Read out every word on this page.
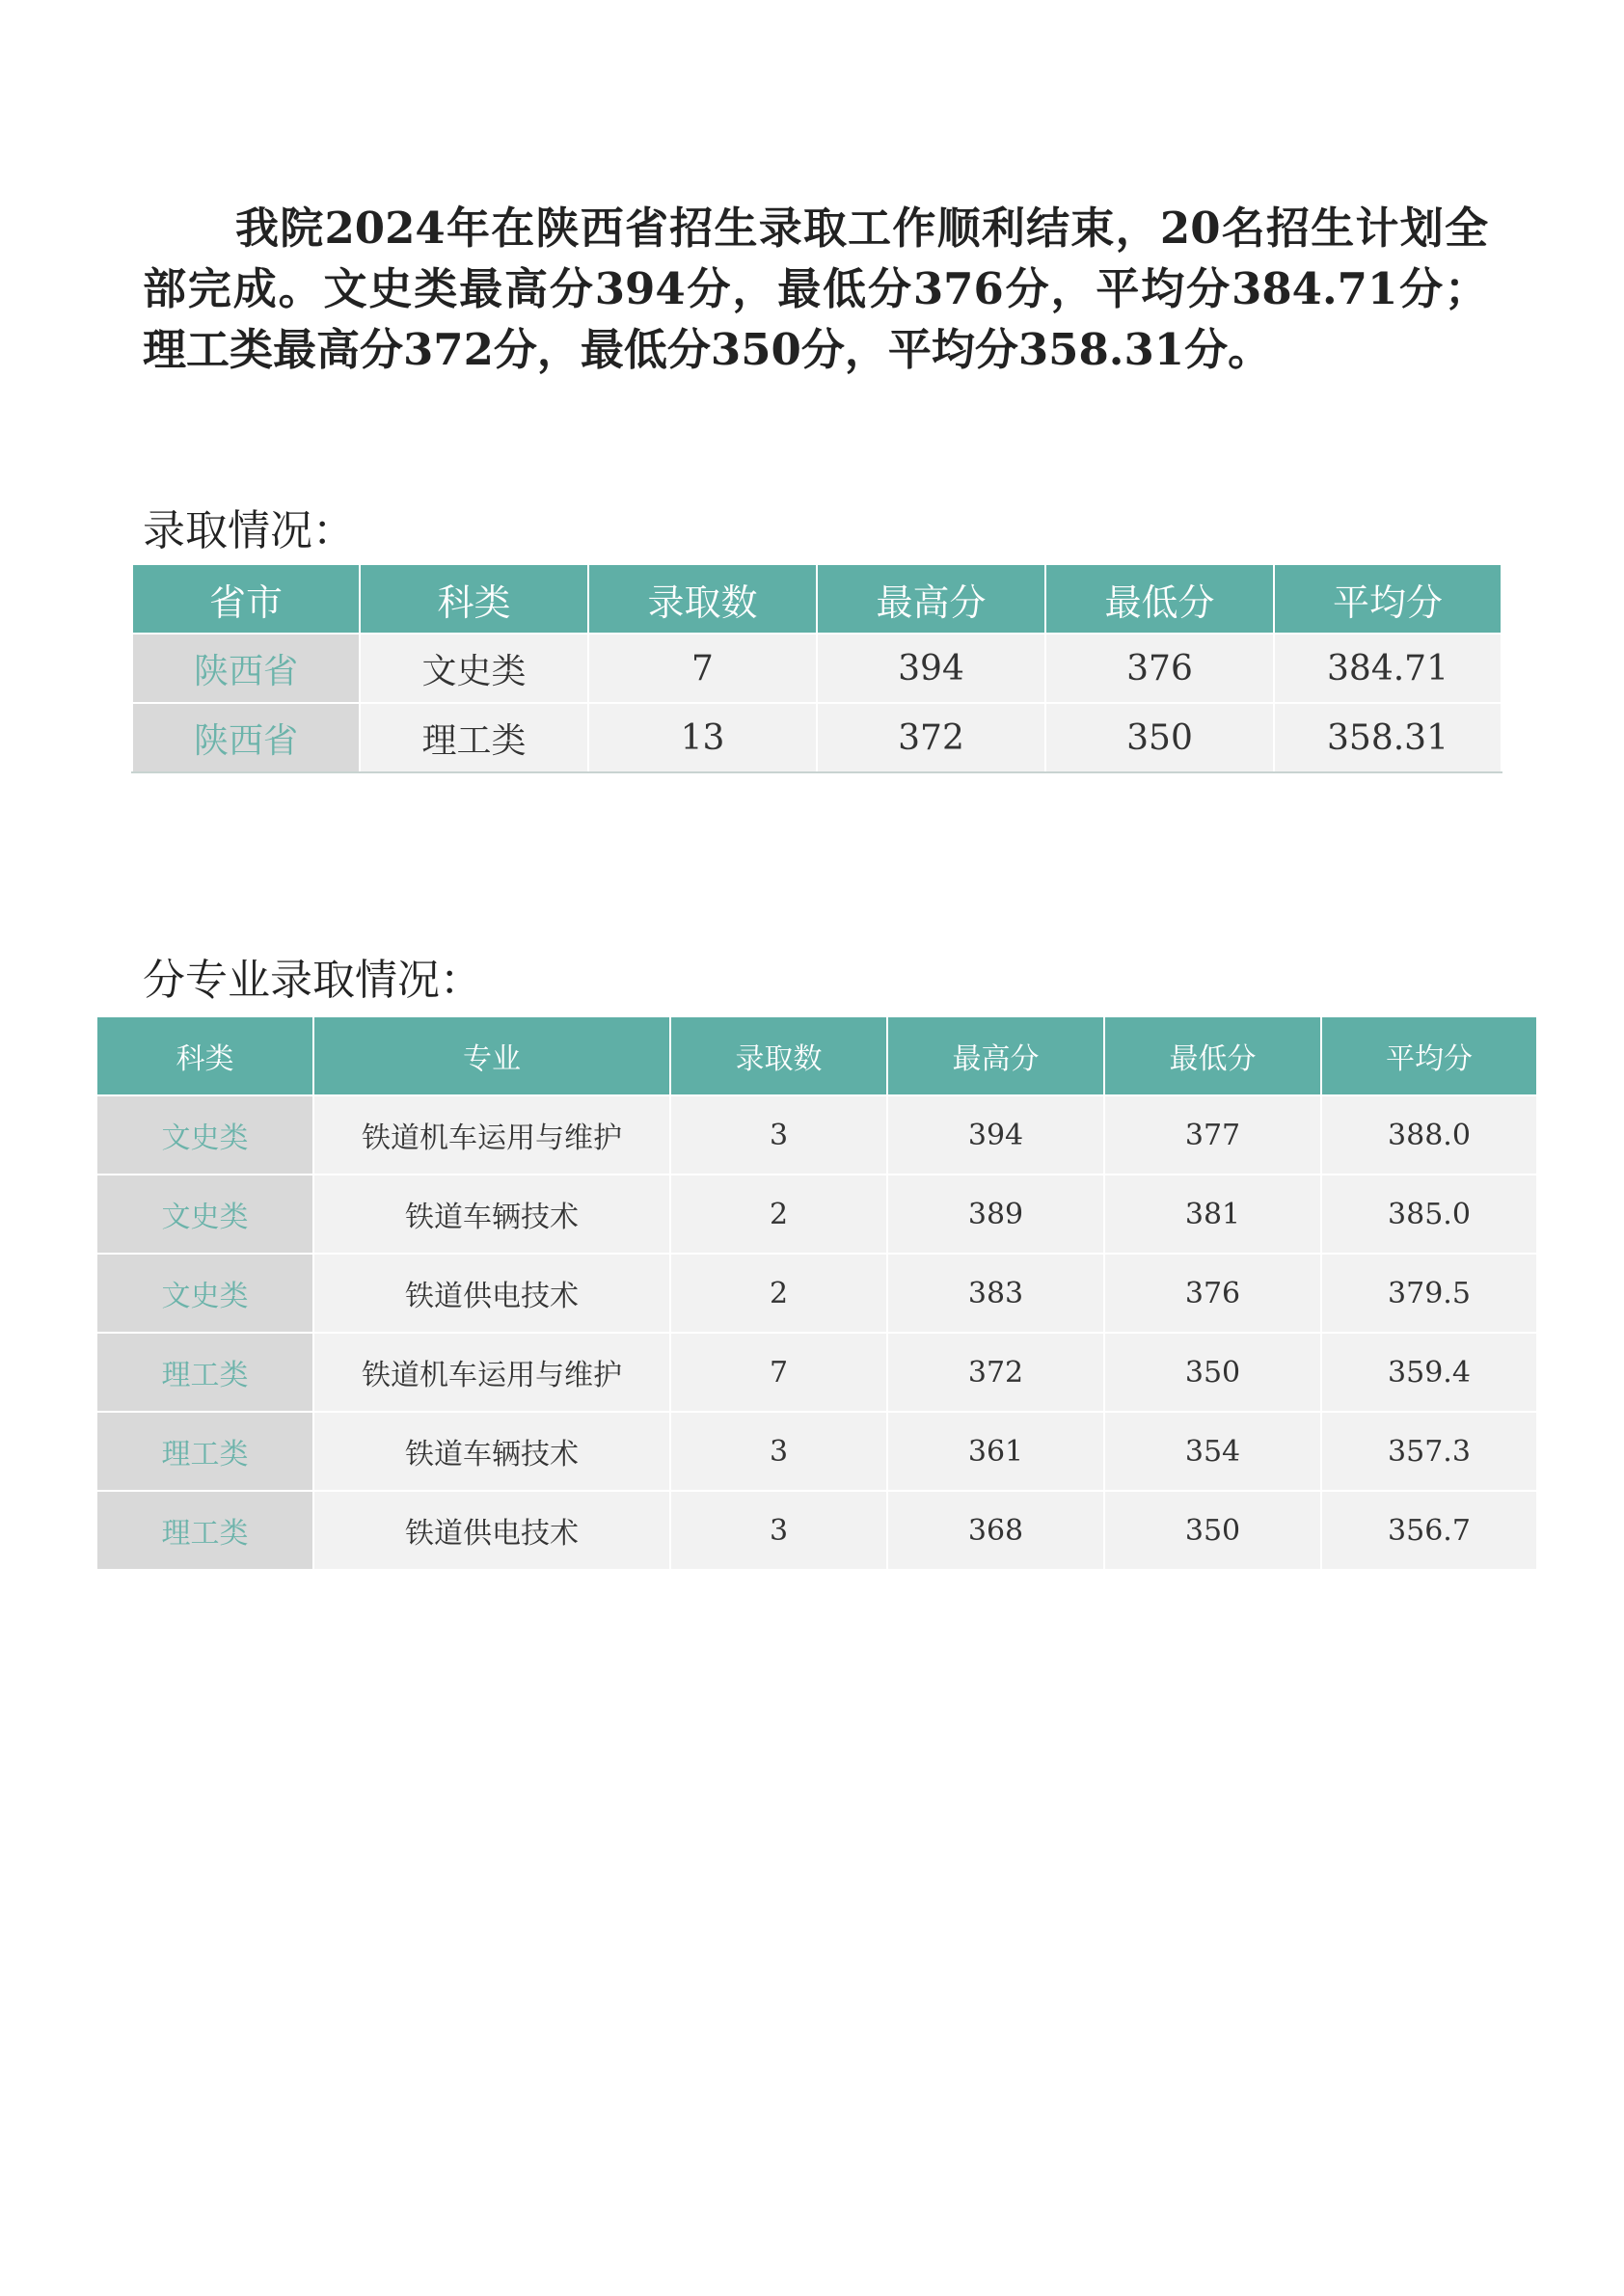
我院2024年在陕西省招生录取工作顺利结束，20名招生计划全部完成。文史类最高分394分，最低分376分，平均分384.71分；理工类最高分372分，最低分350分，平均分358.31分。

录取情况：
省市	科类	录取数	最高分	最低分	平均分
陕西省	文史类	7	394	376	384.71
陕西省	理工类	13	372	350	358.31
分专业录取情况：
科类	专业	录取数	最高分	最低分	平均分
文史类	铁道机车运用与维护	3	394	377	388.0
文史类	铁道车辆技术	2	389	381	385.0
文史类	铁道供电技术	2	383	376	379.5
理工类	铁道机车运用与维护	7	372	350	359.4
理工类	铁道车辆技术	3	361	354	357.3
理工类	铁道供电技术	3	368	350	356.7
